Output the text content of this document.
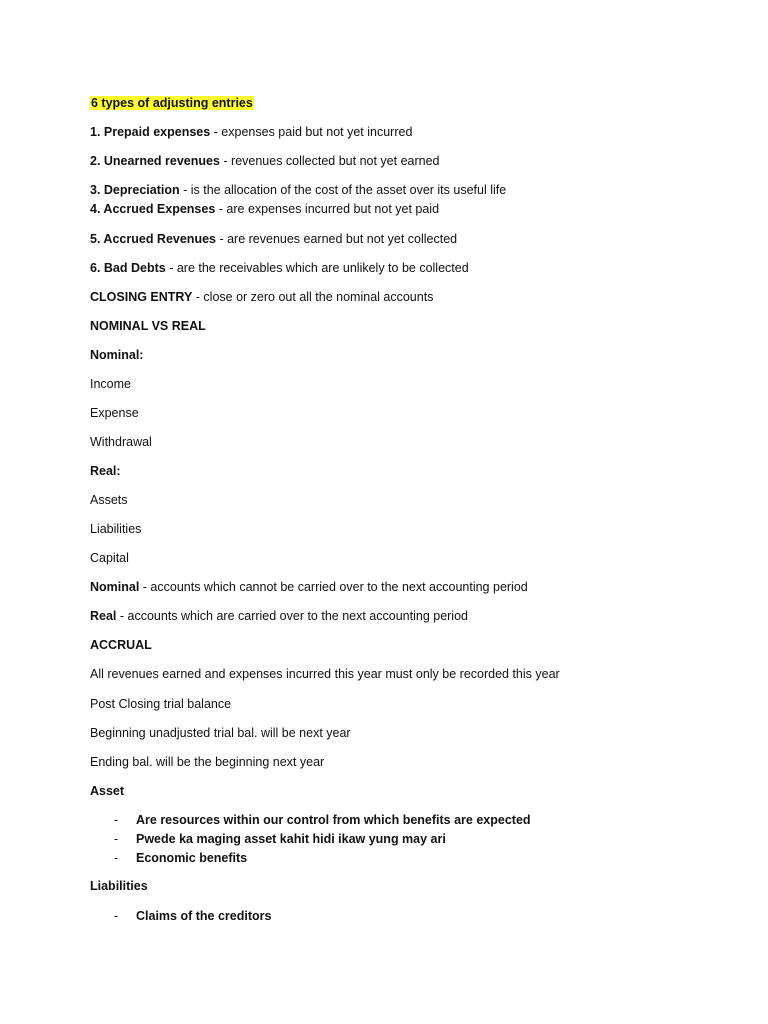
6 types of adjusting entries
1. Prepaid expenses - expenses paid but not yet incurred
2. Unearned revenues - revenues collected but not yet earned
3. Depreciation - is the allocation of the cost of the asset over its useful life
4. Accrued Expenses - are expenses incurred but not yet paid
5. Accrued Revenues - are revenues earned but not yet collected
6. Bad Debts - are the receivables which are unlikely to be collected
CLOSING ENTRY - close or zero out all the nominal accounts
NOMINAL VS REAL
Nominal:
Income
Expense
Withdrawal
Real:
Assets
Liabilities
Capital
Nominal - accounts which cannot be carried over to the next accounting period
Real - accounts which are carried over to the next accounting period
ACCRUAL
All revenues earned and expenses incurred this year must only be recorded this year
Post Closing trial balance
Beginning unadjusted trial bal. will be next year
Ending bal. will be the beginning next year
Asset
- Are resources within our control from which benefits are expected
- Pwede ka maging asset kahit hidi ikaw yung may ari
- Economic benefits
Liabilities
- Claims of the creditors
